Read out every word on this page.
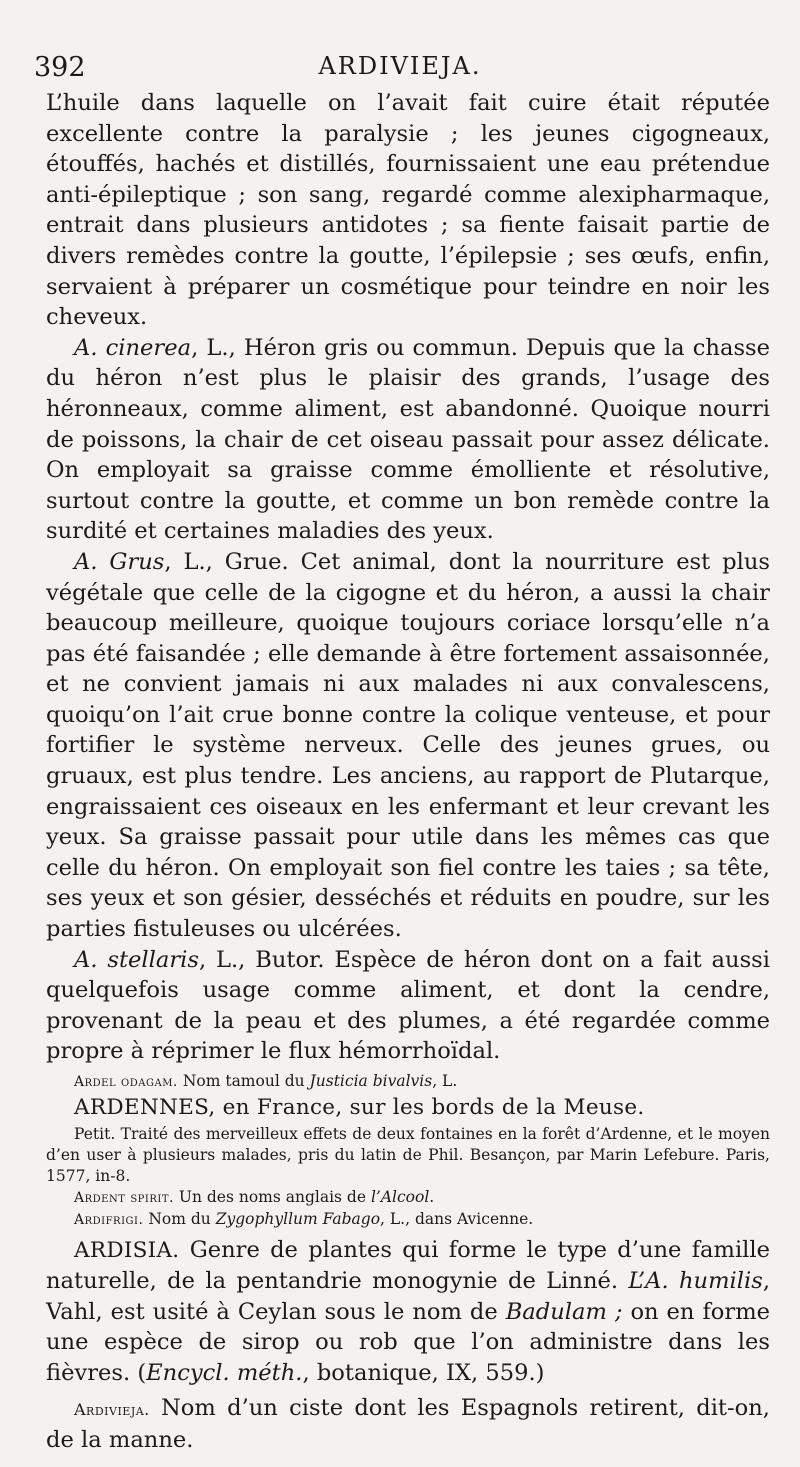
392	ARDIVIEJA.

L’huile dans laquelle on l’avait fait cuire était réputée excellente contre la paralysie ; les jeunes cigogneaux, étouffés, hachés et distillés, fournissaient une eau prétendue anti-épileptique ; son sang, regardé comme alexipharmaque, entrait dans plusieurs antidotes ; sa fiente faisait partie de divers remèdes contre la goutte, l’épilepsie ; ses œufs, enfin, servaient à préparer un cosmétique pour teindre en noir les cheveux.

A. cinerea, L., Héron gris ou commun. Depuis que la chasse du héron n’est plus le plaisir des grands, l’usage des héronneaux, comme aliment, est abandonné. Quoique nourri de poissons, la chair de cet oiseau passait pour assez délicate. On employait sa graisse comme émolliente et résolutive, surtout contre la goutte, et comme un bon remède contre la surdité et certaines maladies des yeux.

A. Grus, L., Grue. Cet animal, dont la nourriture est plus végétale que celle de la cigogne et du héron, a aussi la chair beaucoup meilleure, quoique toujours coriace lorsqu’elle n’a pas été faisandée ; elle demande à être fortement assaisonnée, et ne convient jamais ni aux malades ni aux convalescens, quoiqu’on l’ait crue bonne contre la colique venteuse, et pour fortifier le système nerveux. Celle des jeunes grues, ou gruaux, est plus tendre. Les anciens, au rapport de Plutarque, engraissaient ces oiseaux en les enfermant et leur crevant les yeux. Sa graisse passait pour utile dans les mêmes cas que celle du héron. On employait son fiel contre les taies ; sa tête, ses yeux et son gésier, desséchés et réduits en poudre, sur les parties fistuleuses ou ulcérées.

A. stellaris, L., Butor. Espèce de héron dont on a fait aussi quelquefois usage comme aliment, et dont la cendre, provenant de la peau et des plumes, a été regardée comme propre à réprimer le flux hémorrhoïdal.

Ardel odagam. Nom tamoul du Justicia bivalvis, L.

ARDENNES, en France, sur les bords de la Meuse.

Petit. Traité des merveilleux effets de deux fontaines en la forêt d’Ardenne, et le moyen d’en user à plusieurs malades, pris du latin de Phil. Besançon, par Marin Lefebure. Paris, 1577, in-8.

Ardent spirit. Un des noms anglais de l’Alcool.

Ardifrigi. Nom du Zygophyllum Fabago, L., dans Avicenne.

ARDISIA. Genre de plantes qui forme le type d’une famille naturelle, de la pentandrie monogynie de Linné. L’A. humilis, Vahl, est usité à Ceylan sous le nom de Badulam ; on en forme une espèce de sirop ou rob que l’on administre dans les fièvres. (Encycl. méth., botanique, IX, 559.)

Ardivieja. Nom d’un ciste dont les Espagnols retirent, dit-on, de la manne.
